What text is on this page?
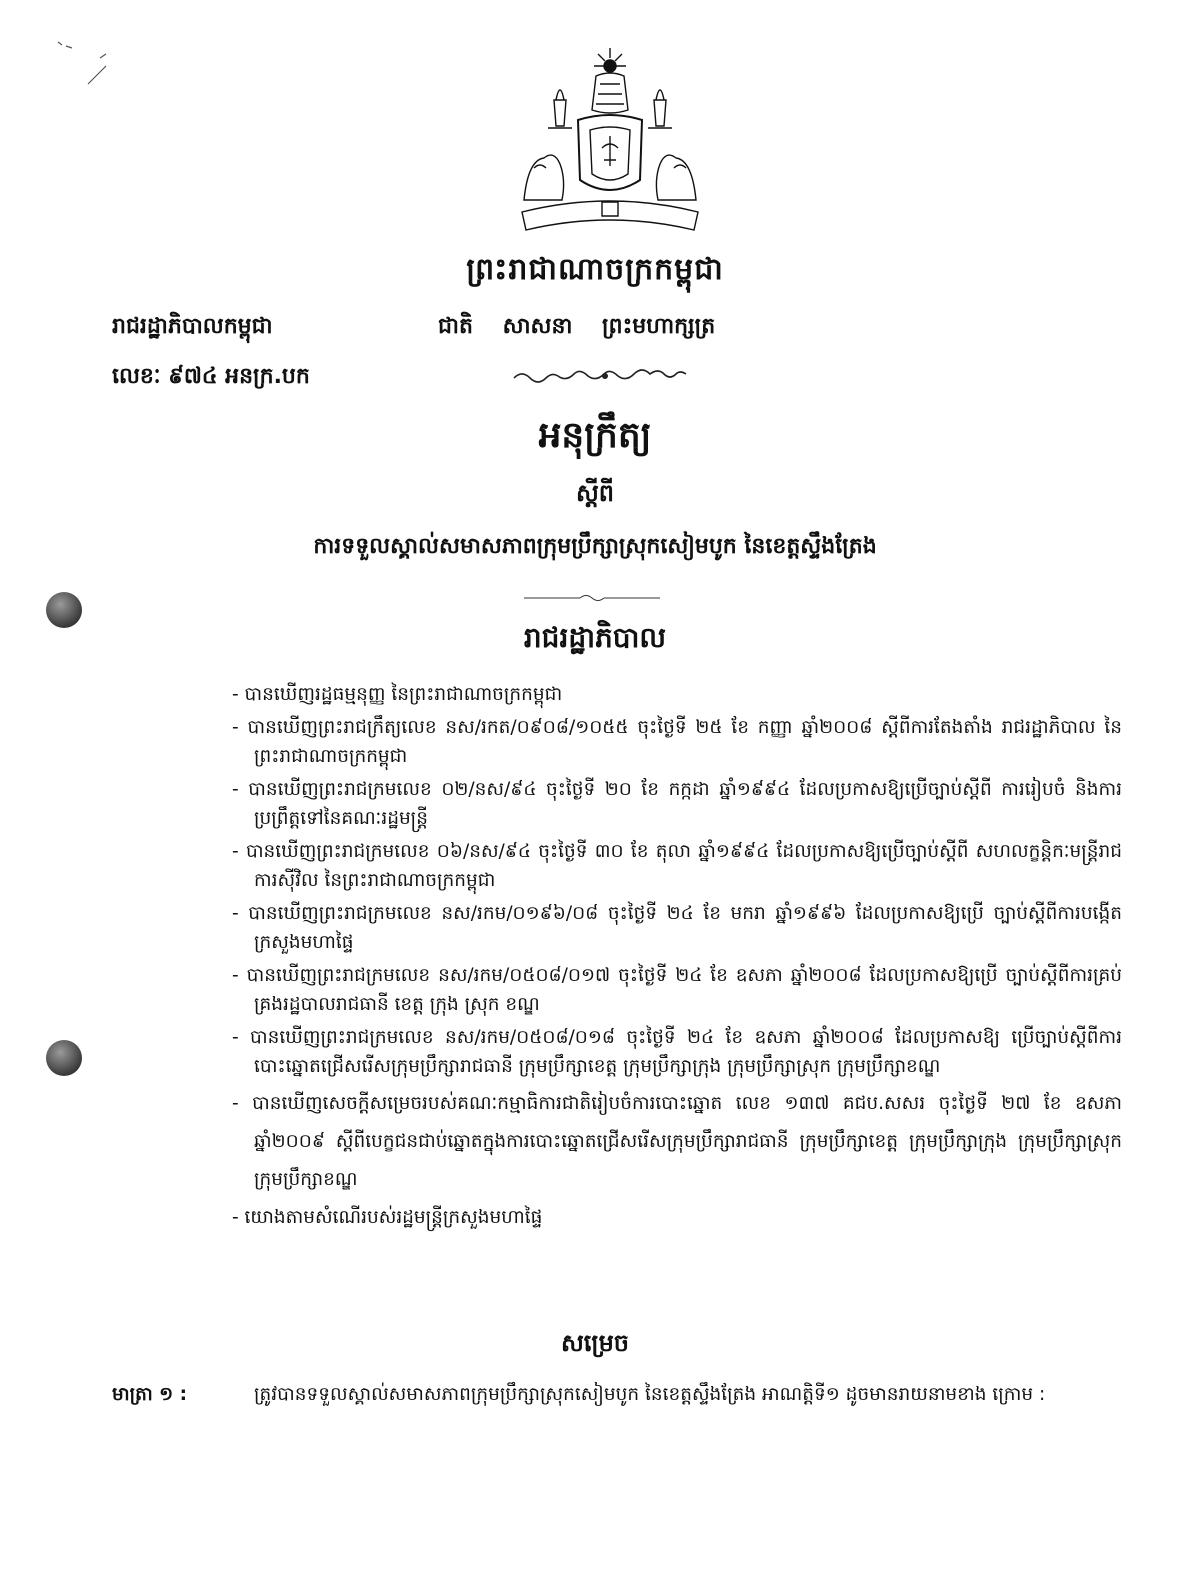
ព្រះរាជាណាចក្រកម្ពុជា
រាជរដ្ឋាភិបាលកម្ពុជា	ជាតិ សាសនា ព្រះមហាក្សត្រ
លេខៈ ៩៧៤ អនក្រ.បក
អនុក្រឹត្យ
ស្តីពី
ការទទួលស្គាល់សមាសភាពក្រុមប្រឹក្សាស្រុកសៀមបូក នៃខេត្តស្ទឹងត្រែង
រាជរដ្ឋាភិបាល
- បានឃើញរដ្ឋធម្មនុញ្ញ នៃព្រះរាជាណាចក្រកម្ពុជា
- បានឃើញព្រះរាជក្រឹត្យលេខ នស/រកត/០៩០៨/១០៥៥ ចុះថ្ងៃទី ២៥ ខែ កញ្ញា ឆ្នាំ២០០៨ ស្តីពីការតែងតាំង រាជរដ្ឋាភិបាល នៃព្រះរាជាណាចក្រកម្ពុជា
- បានឃើញព្រះរាជក្រមលេខ ០២/នស/៩៤ ចុះថ្ងៃទី ២០ ខែ កក្កដា ឆ្នាំ១៩៩៤ ដែលប្រកាសឱ្យប្រើច្បាប់ស្តីពី ការរៀបចំ និងការប្រព្រឹត្តទៅនៃគណៈរដ្ឋមន្ត្រី
- បានឃើញព្រះរាជក្រមលេខ ០៦/នស/៩៤ ចុះថ្ងៃទី ៣០ ខែ តុលា ឆ្នាំ១៩៩៤ ដែលប្រកាសឱ្យប្រើច្បាប់ស្តីពី សហលក្ខន្តិកៈមន្ត្រីរាជការស៊ីវិល នៃព្រះរាជាណាចក្រកម្ពុជា
- បានឃើញព្រះរាជក្រមលេខ នស/រកម/០១៩៦/០៨ ចុះថ្ងៃទី ២៤ ខែ មករា ឆ្នាំ១៩៩៦ ដែលប្រកាសឱ្យប្រើ ច្បាប់ស្តីពីការបង្កើតក្រសួងមហាផ្ទៃ
- បានឃើញព្រះរាជក្រមលេខ នស/រកម/០៥០៨/០១៧ ចុះថ្ងៃទី ២៤ ខែ ឧសភា ឆ្នាំ២០០៨ ដែលប្រកាសឱ្យប្រើ ច្បាប់ស្តីពីការគ្រប់គ្រងរដ្ឋបាលរាជធានី ខេត្ត ក្រុង ស្រុក ខណ្ឌ
- បានឃើញព្រះរាជក្រមលេខ នស/រកម/០៥០៨/០១៨ ចុះថ្ងៃទី ២៤ ខែ ឧសភា ឆ្នាំ២០០៨ ដែលប្រកាសឱ្យ ប្រើច្បាប់ស្តីពីការបោះឆ្នោតជ្រើសរើសក្រុមប្រឹក្សារាជធានី ក្រុមប្រឹក្សាខេត្ត ក្រុមប្រឹក្សាក្រុង ក្រុមប្រឹក្សាស្រុក ក្រុមប្រឹក្សាខណ្ឌ
- បានឃើញសេចក្តីសម្រេចរបស់គណៈកម្មាធិការជាតិរៀបចំការបោះឆ្នោត លេខ ១៣៧ គជប.សសរ ចុះថ្ងៃទី ២៧ ខែ ឧសភា ឆ្នាំ២០០៩ ស្តីពីបេក្ខជនជាប់ឆ្នោតក្នុងការបោះឆ្នោតជ្រើសរើសក្រុមប្រឹក្សារាជធានី ក្រុមប្រឹក្សាខេត្ត ក្រុមប្រឹក្សាក្រុង ក្រុមប្រឹក្សាស្រុក ក្រុមប្រឹក្សាខណ្ឌ
- យោងតាមសំណើរបស់រដ្ឋមន្ត្រីក្រសួងមហាផ្ទៃ
សម្រេច
មាត្រា ១ :	ត្រូវបានទទួលស្គាល់សមាសភាពក្រុមប្រឹក្សាស្រុកសៀមបូក នៃខេត្តស្ទឹងត្រែង អាណត្តិទី១ ដូចមានរាយនាមខាង ក្រោម :
